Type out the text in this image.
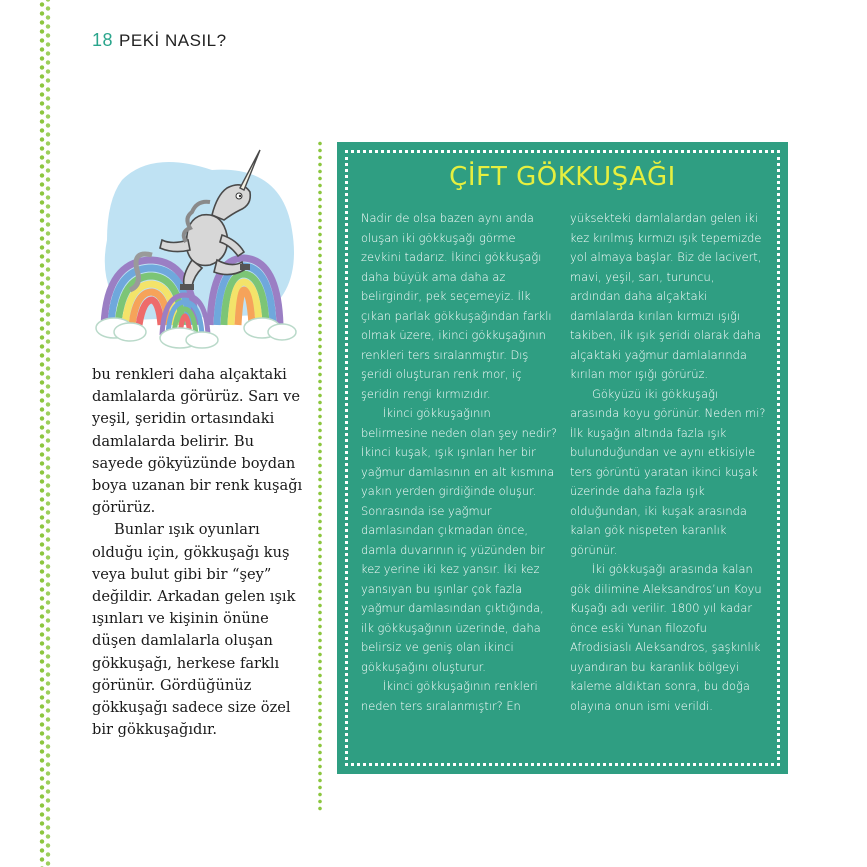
18 PEKİ NASIL?

bu renkleri daha alçaktaki damlalarda görürüz. Sarı ve yeşil, şeridin ortasındaki damlalarda belirir. Bu sayede gökyüzünde boydan boya uzanan bir renk kuşağı görürüz.

Bunlar ışık oyunları olduğu için, gökkuşağı kuş veya bulut gibi bir “şey” değildir. Arkadan gelen ışık ışınları ve kişinin önüne düşen damlalarla oluşan gökkuşağı, herkese farklı görünür. Gördüğünüz gökkuşağı sadece size özel bir gökkuşağıdır.

ÇİFT GÖKKUŞAĞI

Nadir de olsa bazen aynı anda oluşan iki gökkuşağı görme zevkini tadarız. İkinci gökkuşağı daha büyük ama daha az belirgindir, pek seçemeyiz. İlk çıkan parlak gökkuşağından farklı olmak üzere, ikinci gökkuşağının renkleri ters sıralanmıştır. Dış şeridi oluşturan renk mor, iç şeridin rengi kırmızıdır.

İkinci gökkuşağının belirmesine neden olan şey nedir? İkinci kuşak, ışık ışınları her bir yağmur damlasının en alt kısmına yakın yerden girdiğinde oluşur. Sonrasında ise yağmur damlasından çıkmadan önce, damla duvarının iç yüzünden bir kez yerine iki kez yansır. İki kez yansıyan bu ışınlar çok fazla yağmur damlasından çıktığında, ilk gökkuşağının üzerinde, daha belirsiz ve geniş olan ikinci gökkuşağını oluşturur.

İkinci gökkuşağının renkleri neden ters sıralanmıştır? En

yüksekteki damlalardan gelen iki kez kırılmış kırmızı ışık tepemizde yol almaya başlar. Biz de lacivert, mavi, yeşil, sarı, turuncu, ardından daha alçaktaki damlalarda kırılan kırmızı ışığı takiben, ilk ışık şeridi olarak daha alçaktaki yağmur damlalarında kırılan mor ışığı görürüz.

Gökyüzü iki gökkuşağı arasında koyu görünür. Neden mi? İlk kuşağın altında fazla ışık bulunduğundan ve aynı etkisiyle ters görüntü yaratan ikinci kuşak üzerinde daha fazla ışık olduğundan, iki kuşak arasında kalan gök nispeten karanlık görünür.

İki gökkuşağı arasında kalan gök dilimine Aleksandros’un Koyu Kuşağı adı verilir. 1800 yıl kadar önce eski Yunan filozofu Afrodisiaslı Aleksandros, şaşkınlık uyandıran bu karanlık bölgeyi kaleme aldıktan sonra, bu doğa olayına onun ismi verildi.
